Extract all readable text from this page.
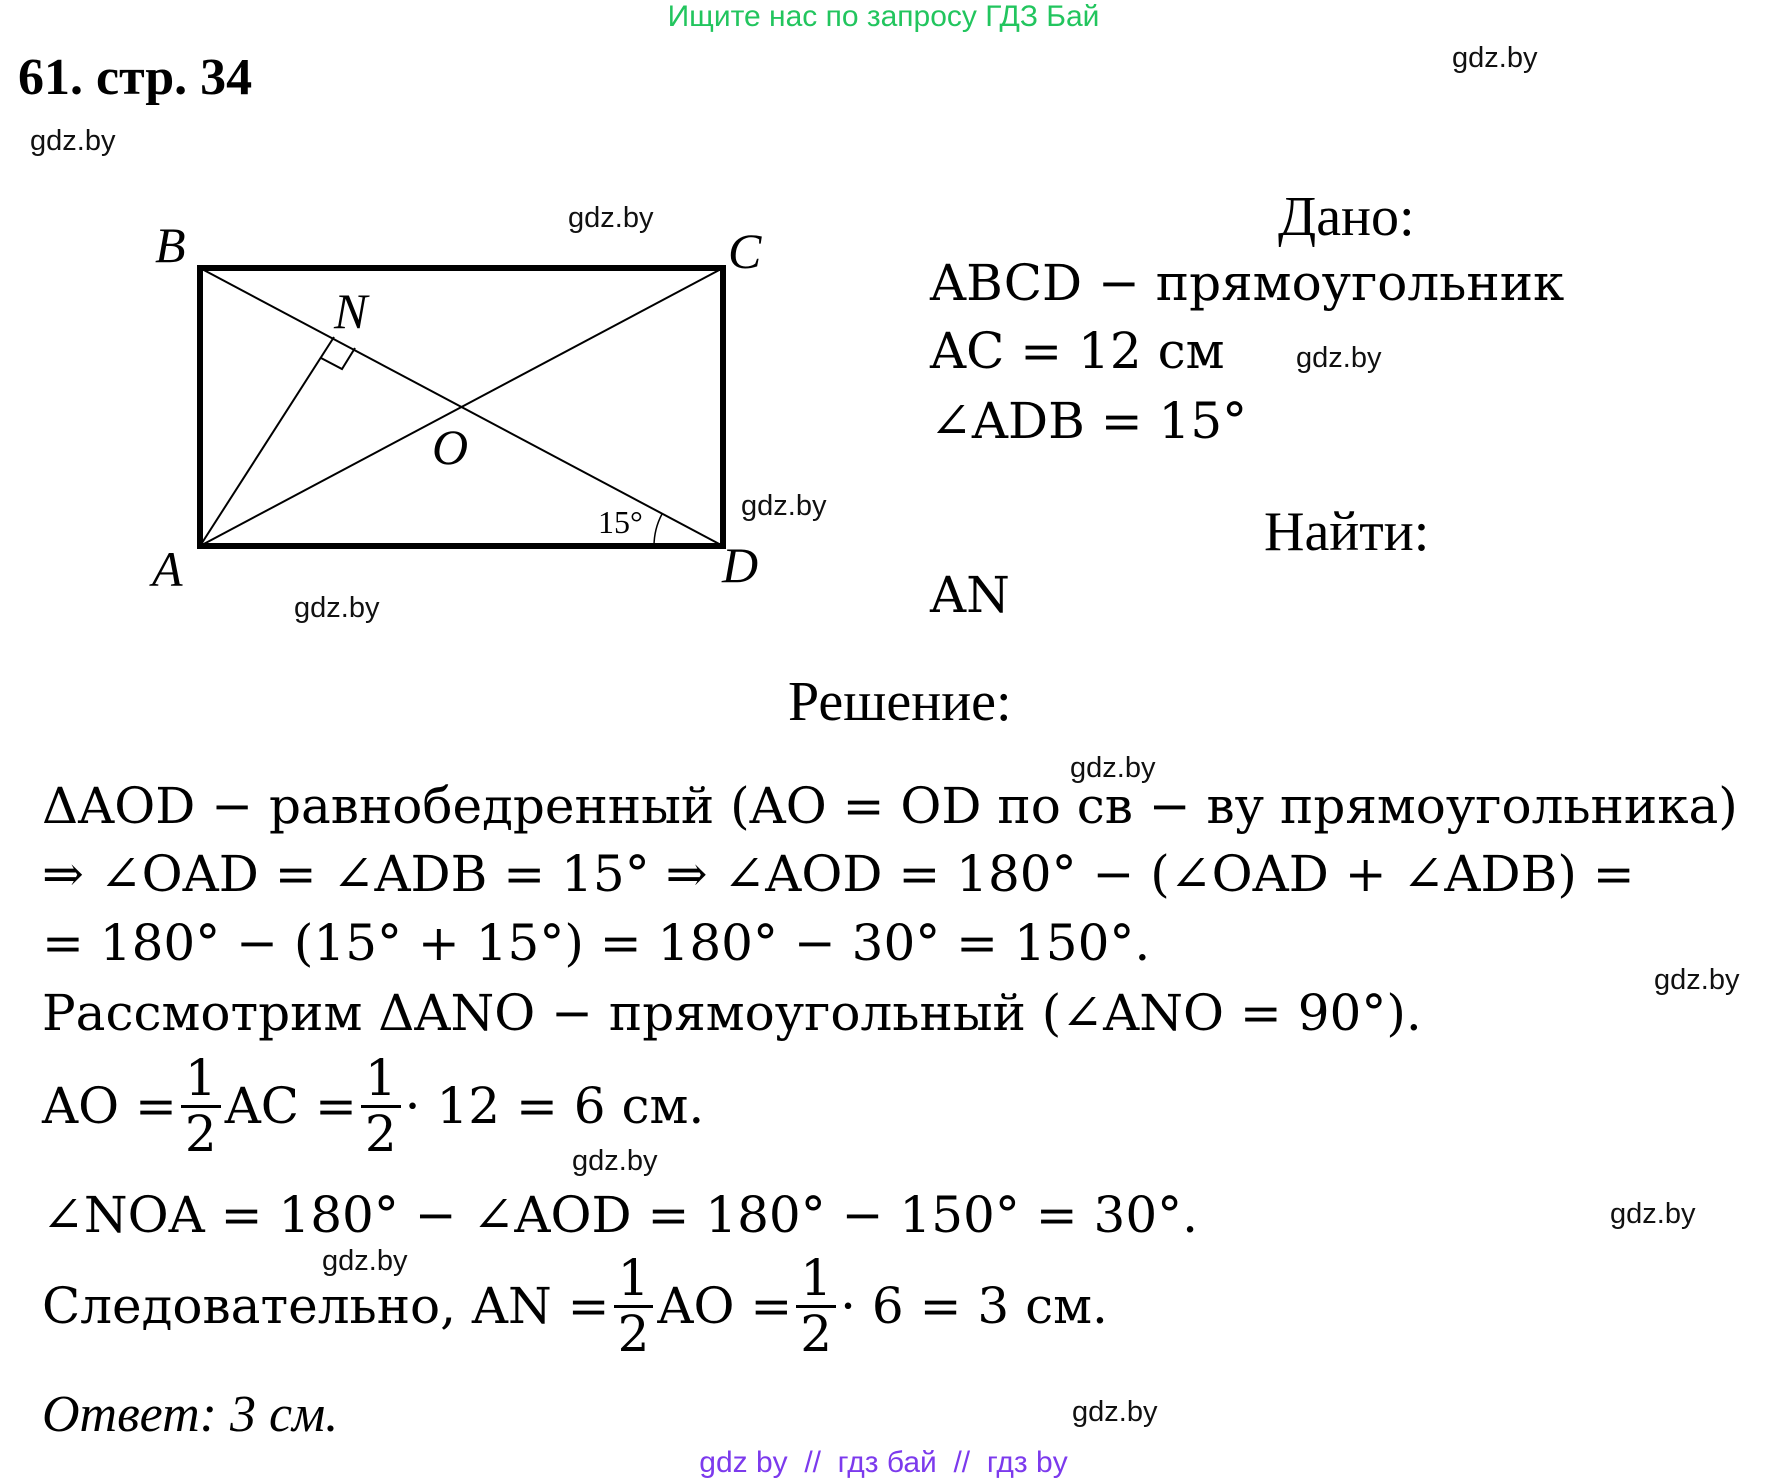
Ищите нас по запросу ГДЗ Бай
61. стр. 34	gdz.by
gdz.by
gdz.by
gdz.by
gdz.by
gdz.by
gdz.by
gdz.by
gdz.by
gdz.by
gdz.by
gdz.by
B	C
A	D
N
O
15°
Дано:
ABCD − прямоугольник
AC = 12 см
∠ADB = 15°
Найти:
AN
Решение:
ΔAOD − равнобедренный (AO = OD по св − ву прямоугольника)
⇒ ∠OAD = ∠ADB = 15° ⇒ ∠AOD = 180° − (∠OAD + ∠ADB) =
= 180° − (15° + 15°) = 180° − 30° = 150°.
Рассмотрим ΔANO − прямоугольный (∠ANO = 90°).
AO = $\frac{1}{2}$ AC = $\frac{1}{2} \cdot 12 = 6$ см.
∠NOA = 180° − ∠AOD = 180° − 150° = 30°.
Следовательно, AN = $\frac{1}{2}$ AO = $\frac{1}{2} \cdot 6 = 3$ см.
Ответ: 3 см.
gdz by  //  гдз бай  //  гдз by
